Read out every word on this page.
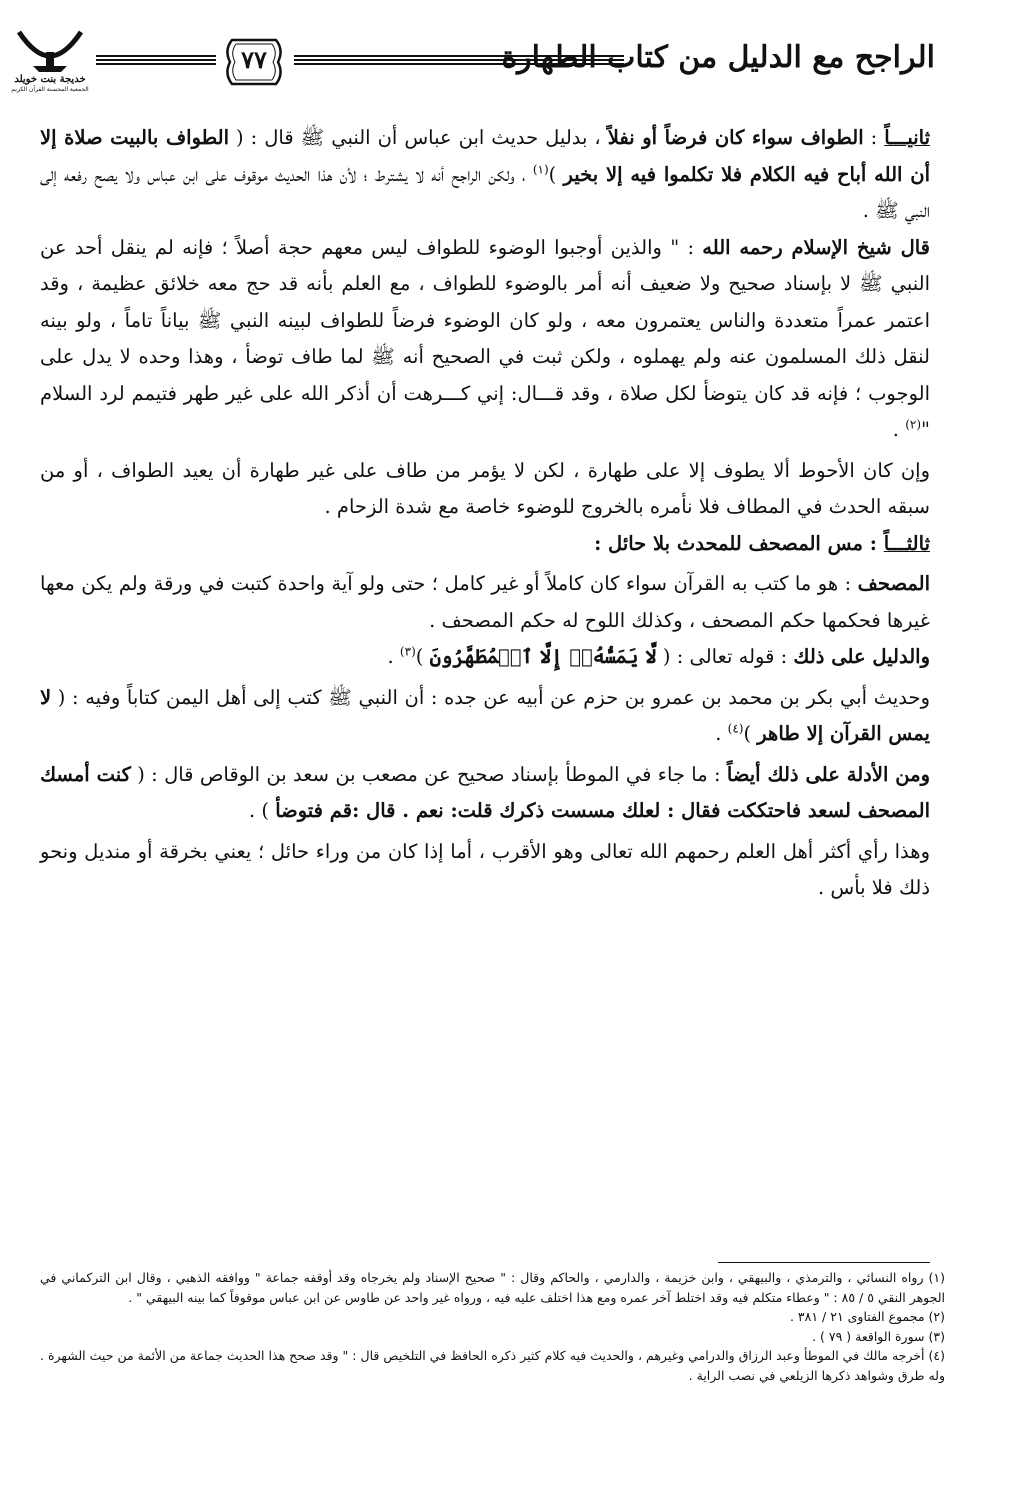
خديجة بنت خويلد
الجمعية المحسنة القرآن الكريم
٧٧	الراجح مع الدليل من كتاب الطهارة

ثانيـــاً : الطواف سواء كان فرضاً أو نفلاً ، بدليل حديث ابن عباس أن النبي ﷺ قال : ( الطواف بالبيت صلاة إلا أن الله أباح فيه الكلام فلا تكلموا فيه إلا بخير )$^{(١)}$ ، ولكن الراجح أنه لا يشترط ؛ لأن هذا الحديث موقوف على ابن عباس ولا يصح رفعه إلى النبي ﷺ .

قال شيخ الإسلام رحمه الله : " والذين أوجبوا الوضوء للطواف ليس معهم حجة أصلاً ؛ فإنه لم ينقل أحد عن النبي ﷺ لا بإسناد صحيح ولا ضعيف أنه أمر بالوضوء للطواف ، مع العلم بأنه قد حج معه خلائق عظيمة ، وقد اعتمر عمراً متعددة والناس يعتمرون معه ، ولو كان الوضوء فرضاً للطواف لبينه النبي ﷺ بياناً تاماً ، ولو بينه لنقل ذلك المسلمون عنه ولم يهملوه ، ولكن ثبت في الصحيح أنه ﷺ لما طاف توضأ ، وهذا وحده لا يدل على الوجوب ؛ فإنه قد كان يتوضأ لكل صلاة ، وقد قـــال: إني كـــرهت أن أذكر الله على غير طهر فتيمم لرد السلام "$^{(٢)}$ .

وإن كان الأحوط ألا يطوف إلا على طهارة ، لكن لا يؤمر من طاف على غير طهارة أن يعيد الطواف ، أو من سبقه الحدث في المطاف فلا نأمره بالخروج للوضوء خاصة مع شدة الزحام .

ثالثـــاً : مس المصحف للمحدث بلا حائل :

المصحف : هو ما كتب به القرآن سواء كان كاملاً أو غير كامل ؛ حتى ولو آية واحدة كتبت في ورقة ولم يكن معها غيرها فحكمها حكم المصحف ، وكذلك اللوح له حكم المصحف .

والدليل على ذلك : قوله تعالى : ( لَّا يَمَسُّهُۥٓ إِلَّا ٱلۡمُطَهَّرُونَ )$^{(٣)}$ .

وحديث أبي بكر بن محمد بن عمرو بن حزم عن أبيه عن جده : أن النبي ﷺ كتب إلى أهل اليمن كتاباً وفيه : ( لا يمس القرآن إلا طاهر )$^{(٤)}$ .

ومن الأدلة على ذلك أيضاً : ما جاء في الموطأ بإسناد صحيح عن مصعب بن سعد بن الوقاص قال : ( كنت أمسك المصحف لسعد فاحتككت فقال : لعلك مسست ذكرك قلت: نعم . قال :قم فتوضأ ) .

وهذا رأي أكثر أهل العلم رحمهم الله تعالى وهو الأقرب ، أما إذا كان من وراء حائل ؛ يعني بخرقة أو منديل ونحو ذلك فلا بأس .

(١) رواه النسائي ، والترمذي ، والبيهقي ، وابن خزيمة ، والدارمي ، والحاكم وقال : " صحيح الإسناد ولم يخرجاه وقد أوقفه جماعة " ووافقه الذهبي ، وقال ابن التركماني في الجوهر النقي ٥ / ٨٥ : " وعطاء متكلم فيه وقد اختلط آخر عمره ومع هذا اختلف عليه فيه ، ورواه غير واحد عن طاوس عن ابن عباس موقوفاً كما بينه البيهقي " .

(٢) مجموع الفتاوى ٢١ / ٣٨١ .

(٣) سورة الواقعة ( ٧٩ ) .

(٤) أخرجه مالك في الموطأ وعبد الرزاق والدرامي وغيرهم ، والحديث فيه كلام كثير ذكره الحافظ في التلخيص قال : " وقد صحح هذا الحديث جماعة من الأئمة من حيث الشهرة . وله طرق وشواهد ذكرها الزيلعي في نصب الراية .
